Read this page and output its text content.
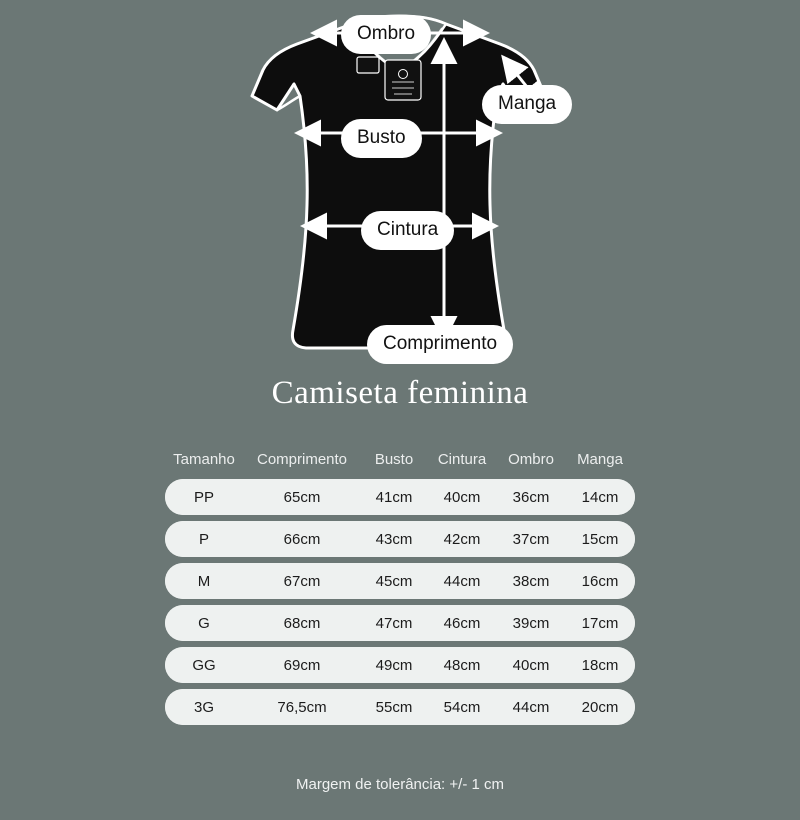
Ombro
Manga
Busto
Cintura
Comprimento
Camiseta feminina
Tamanho	Comprimento	Busto	Cintura	Ombro	Manga
PP	65cm	41cm	40cm	36cm	14cm
P	66cm	43cm	42cm	37cm	15cm
M	67cm	45cm	44cm	38cm	16cm
G	68cm	47cm	46cm	39cm	17cm
GG	69cm	49cm	48cm	40cm	18cm
3G	76,5cm	55cm	54cm	44cm	20cm
Margem de tolerância: +/- 1 cm
